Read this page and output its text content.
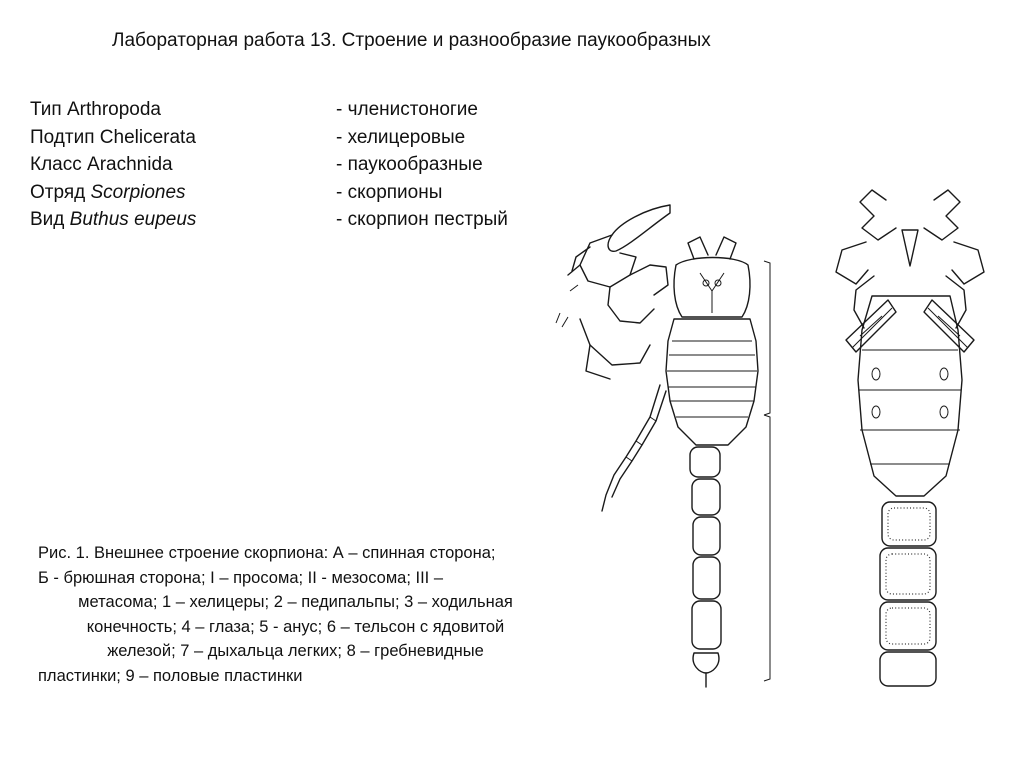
Лабораторная работа 13. Строение и разнообразие паукообразных
Тип Arthropoda	- членистоногие
Подтип Chelicerata	- хелицеровые
Класс Arachnida	- паукообразные
Отряд Scorpiones	- скорпионы
Вид Buthus eupeus	- скорпион пестрый
Рис. 1. Внешнее строение скорпиона: А – спинная сторона;
Б - брюшная сторона; I – просома; II - мезосома; III –
метасома; 1 – хелицеры; 2 – педипальпы; 3 – ходильная
конечность; 4 – глаза; 5 - анус; 6 – тельсон с ядовитой
железой; 7 – дыхальца легких; 8 – гребневидные
пластинки; 9 – половые пластинки
